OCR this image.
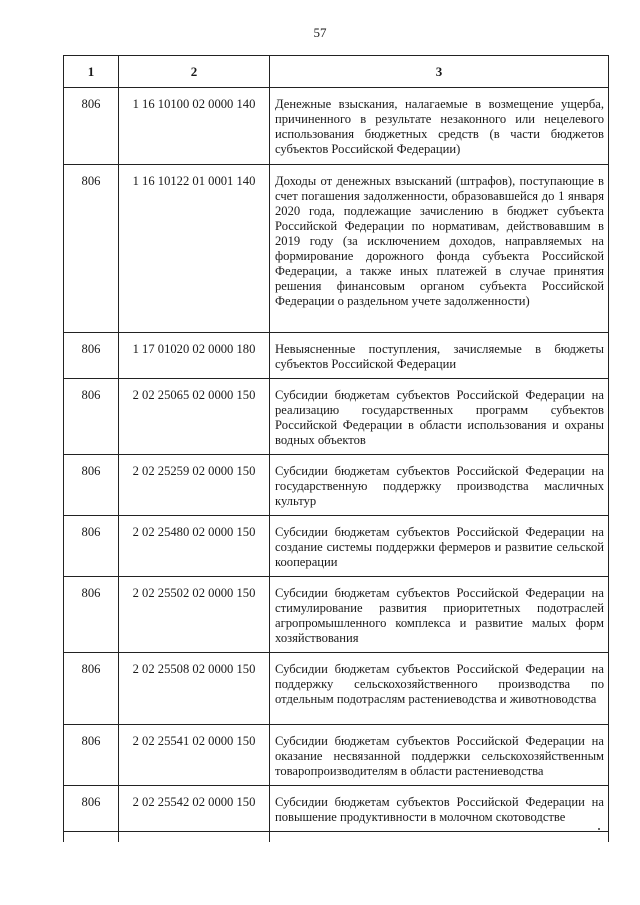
57
1	2	3
806	1 16 10100 02 0000 140	Денежные взыскания, налагаемые в возмещение ущерба, причиненного в результате незаконного или нецелевого использования бюджетных средств (в части бюджетов субъектов Российской Федерации)
806	1 16 10122 01 0001 140	Доходы от денежных взысканий (штрафов), поступающие в счет погашения задолженности, образовавшейся до 1 января 2020 года, подлежащие зачислению в бюджет субъекта Российской Федерации по нормативам, действовавшим в 2019 году (за исключением доходов, направляемых на формирование дорожного фонда субъекта Российской Федерации, а также иных платежей в случае принятия решения финансовым органом субъекта Российской Федерации о раздельном учете задолженности)
806	1 17 01020 02 0000 180	Невыясненные поступления, зачисляемые в бюджеты субъектов Российской Федерации
806	2 02 25065 02 0000 150	Субсидии бюджетам субъектов Российской Федерации на реализацию государственных программ субъектов Российской Федерации в области использования и охраны водных объектов
806	2 02 25259 02 0000 150	Субсидии бюджетам субъектов Российской Федерации на государственную поддержку производства масличных культур
806	2 02 25480 02 0000 150	Субсидии бюджетам субъектов Российской Федерации на создание системы поддержки фермеров и развитие сельской кооперации
806	2 02 25502 02 0000 150	Субсидии бюджетам субъектов Российской Федерации на стимулирование развития приоритетных подотраслей агропромышленного комплекса и развитие малых форм хозяйствования
806	2 02 25508 02 0000 150	Субсидии бюджетам субъектов Российской Федерации на поддержку сельскохозяйственного производства по отдельным подотраслям растениеводства и животноводства
806	2 02 25541 02 0000 150	Субсидии бюджетам субъектов Российской Федерации на оказание несвязанной поддержки сельскохозяйственным товаропроизводителям в области растениеводства
806	2 02 25542 02 0000 150	Субсидии бюджетам субъектов Российской Федерации на повышение продуктивности в молочном скотоводстве
